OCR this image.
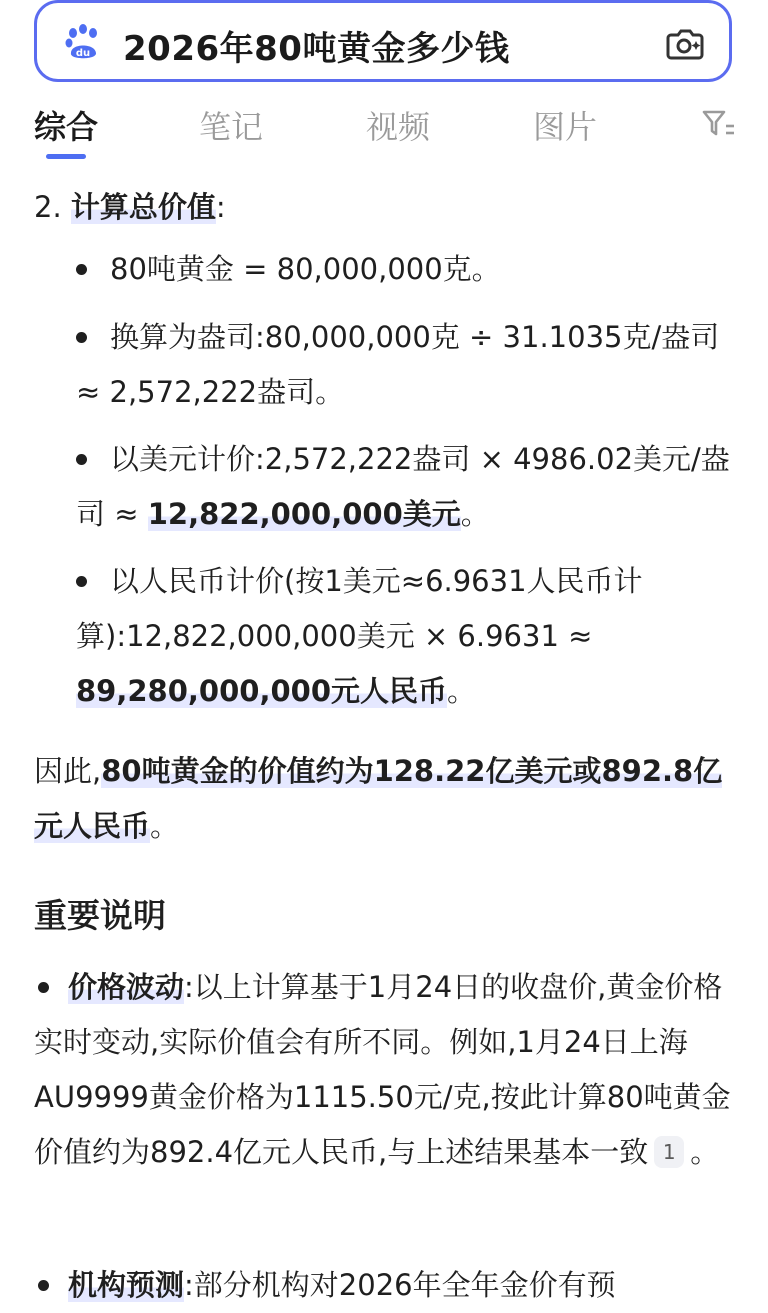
du 2026年80吨黄金多少钱
综合	笔记	视频	图片
2. 计算总价值:
80吨黄金 = 80,000,000克。
换算为盎司:80,000,000克 ÷ 31.1035克/盎司 ≈ 2,572,222盎司。
以美元计价:2,572,222盎司 × 4986.02美元/盎司 ≈ 12,822,000,000美元。
以人民币计价(按1美元≈6.9631人民币计算):12,822,000,000美元 × 6.9631 ≈ 89,280,000,000元人民币。
因此,80吨黄金的价值约为128.22亿美元或892.8亿元人民币。
重要说明
价格波动:以上计算基于1月24日的收盘价,黄金价格实时变动,实际价值会有所不同。例如,1月24日上海AU9999黄金价格为1115.50元/克,按此计算80吨黄金价值约为892.4亿元人民币,与上述结果基本一致 1 。
机构预测:部分机构对2026年全年金价有预
